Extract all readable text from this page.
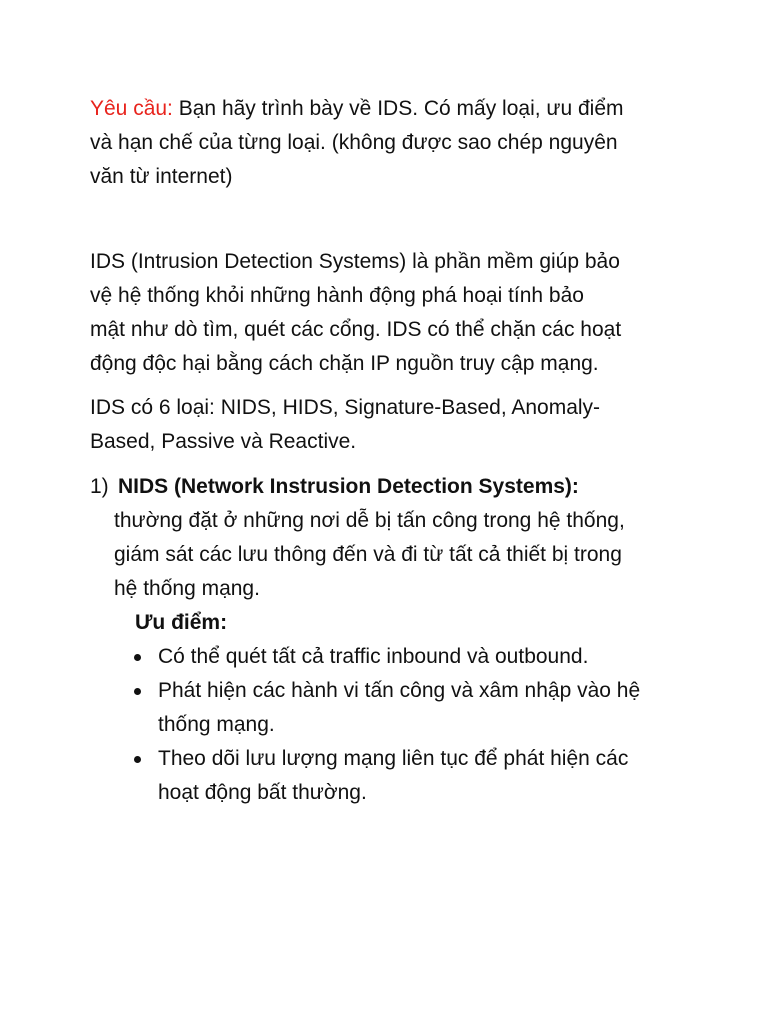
Yêu cầu: Bạn hãy trình bày về IDS. Có mấy loại, ưu điểm
và hạn chế của từng loại. (không được sao chép nguyên
văn từ internet)

IDS (Intrusion Detection Systems) là phần mềm giúp bảo
vệ hệ thống khỏi những hành động phá hoại tính bảo
mật như dò tìm, quét các cổng. IDS có thể chặn các hoạt
động độc hại bằng cách chặn IP nguồn truy cập mạng.

IDS có 6 loại: NIDS, HIDS, Signature-Based, Anomaly-
Based, Passive và Reactive.

1) NIDS (Network Instrusion Detection Systems):
thường đặt ở những nơi dễ bị tấn công trong hệ thống,
giám sát các lưu thông đến và đi từ tất cả thiết bị trong
hệ thống mạng.
Ưu điểm:
Có thể quét tất cả traffic inbound và outbound.
Phát hiện các hành vi tấn công và xâm nhập vào hệ
thống mạng.
Theo dõi lưu lượng mạng liên tục để phát hiện các
hoạt động bất thường.
